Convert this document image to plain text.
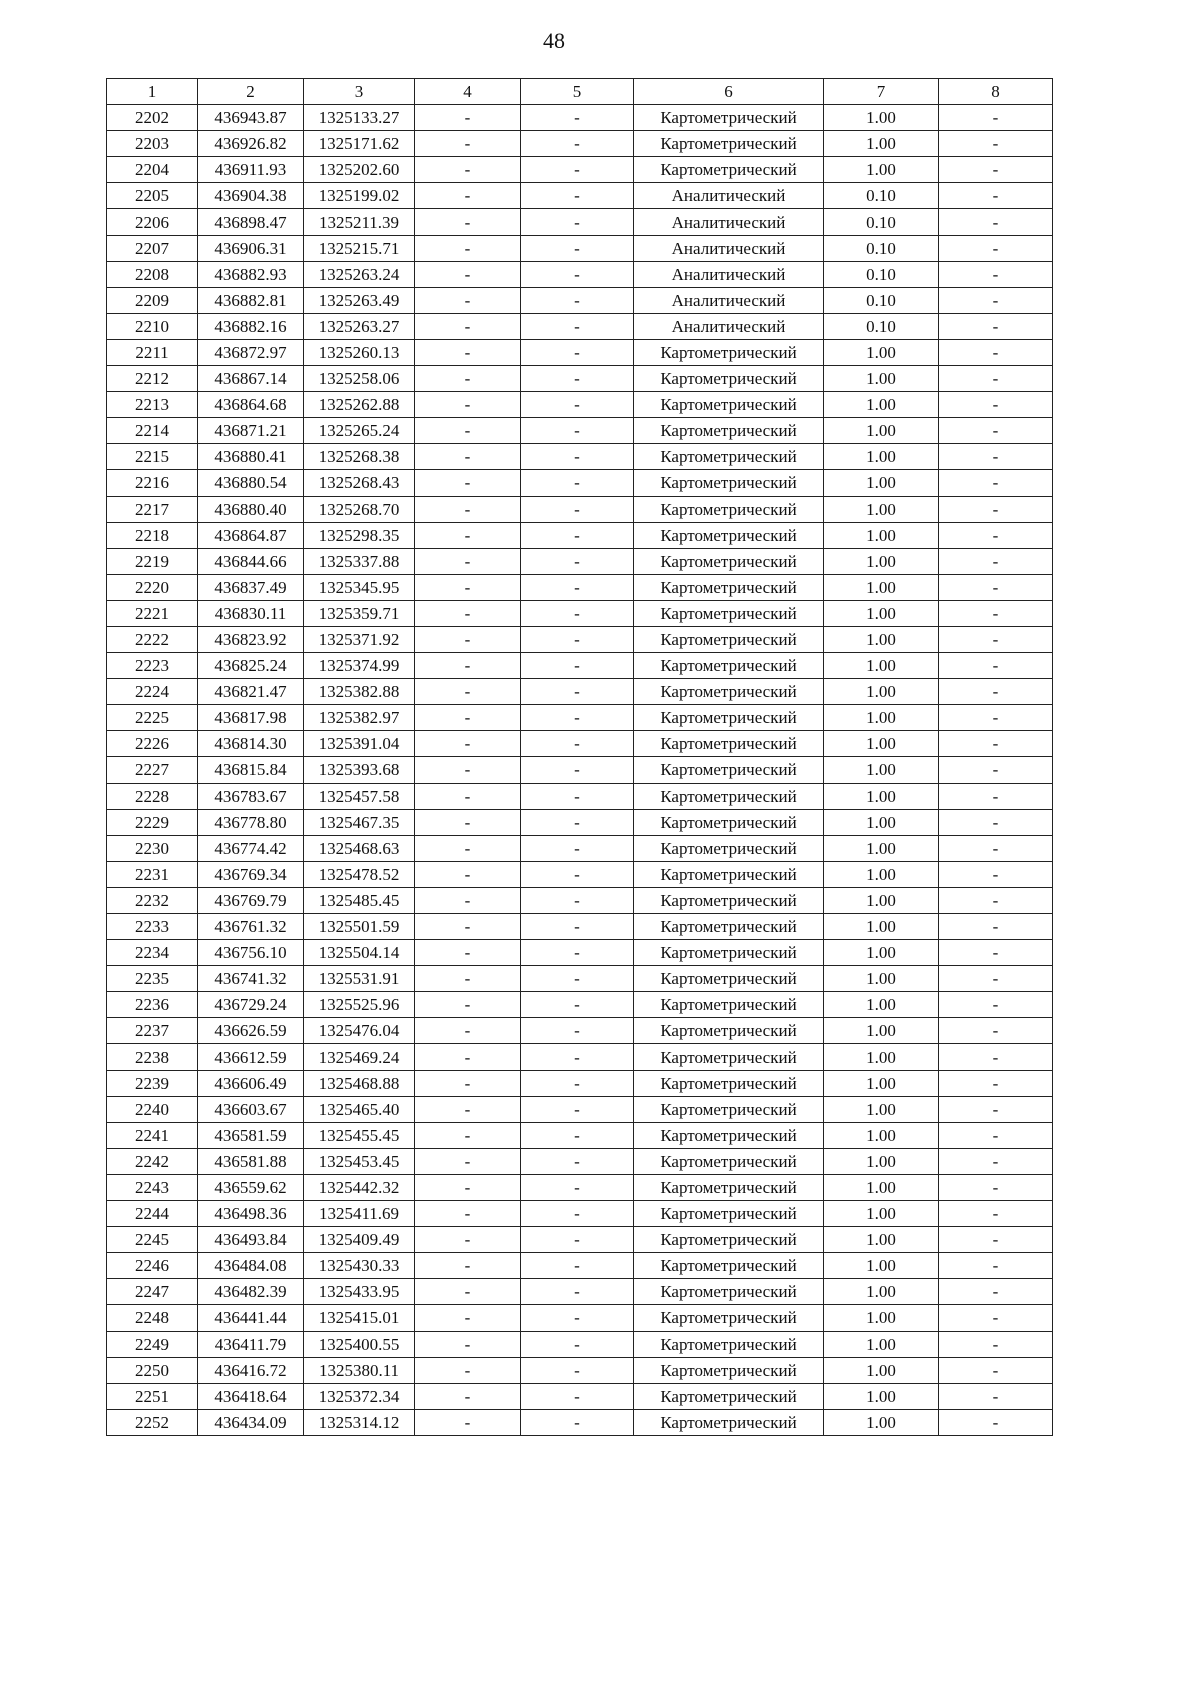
48
1	2	3	4	5	6	7	8
2202	436943.87	1325133.27	-	-	Картометрический	1.00	-
2203	436926.82	1325171.62	-	-	Картометрический	1.00	-
2204	436911.93	1325202.60	-	-	Картометрический	1.00	-
2205	436904.38	1325199.02	-	-	Аналитический	0.10	-
2206	436898.47	1325211.39	-	-	Аналитический	0.10	-
2207	436906.31	1325215.71	-	-	Аналитический	0.10	-
2208	436882.93	1325263.24	-	-	Аналитический	0.10	-
2209	436882.81	1325263.49	-	-	Аналитический	0.10	-
2210	436882.16	1325263.27	-	-	Аналитический	0.10	-
2211	436872.97	1325260.13	-	-	Картометрический	1.00	-
2212	436867.14	1325258.06	-	-	Картометрический	1.00	-
2213	436864.68	1325262.88	-	-	Картометрический	1.00	-
2214	436871.21	1325265.24	-	-	Картометрический	1.00	-
2215	436880.41	1325268.38	-	-	Картометрический	1.00	-
2216	436880.54	1325268.43	-	-	Картометрический	1.00	-
2217	436880.40	1325268.70	-	-	Картометрический	1.00	-
2218	436864.87	1325298.35	-	-	Картометрический	1.00	-
2219	436844.66	1325337.88	-	-	Картометрический	1.00	-
2220	436837.49	1325345.95	-	-	Картометрический	1.00	-
2221	436830.11	1325359.71	-	-	Картометрический	1.00	-
2222	436823.92	1325371.92	-	-	Картометрический	1.00	-
2223	436825.24	1325374.99	-	-	Картометрический	1.00	-
2224	436821.47	1325382.88	-	-	Картометрический	1.00	-
2225	436817.98	1325382.97	-	-	Картометрический	1.00	-
2226	436814.30	1325391.04	-	-	Картометрический	1.00	-
2227	436815.84	1325393.68	-	-	Картометрический	1.00	-
2228	436783.67	1325457.58	-	-	Картометрический	1.00	-
2229	436778.80	1325467.35	-	-	Картометрический	1.00	-
2230	436774.42	1325468.63	-	-	Картометрический	1.00	-
2231	436769.34	1325478.52	-	-	Картометрический	1.00	-
2232	436769.79	1325485.45	-	-	Картометрический	1.00	-
2233	436761.32	1325501.59	-	-	Картометрический	1.00	-
2234	436756.10	1325504.14	-	-	Картометрический	1.00	-
2235	436741.32	1325531.91	-	-	Картометрический	1.00	-
2236	436729.24	1325525.96	-	-	Картометрический	1.00	-
2237	436626.59	1325476.04	-	-	Картометрический	1.00	-
2238	436612.59	1325469.24	-	-	Картометрический	1.00	-
2239	436606.49	1325468.88	-	-	Картометрический	1.00	-
2240	436603.67	1325465.40	-	-	Картометрический	1.00	-
2241	436581.59	1325455.45	-	-	Картометрический	1.00	-
2242	436581.88	1325453.45	-	-	Картометрический	1.00	-
2243	436559.62	1325442.32	-	-	Картометрический	1.00	-
2244	436498.36	1325411.69	-	-	Картометрический	1.00	-
2245	436493.84	1325409.49	-	-	Картометрический	1.00	-
2246	436484.08	1325430.33	-	-	Картометрический	1.00	-
2247	436482.39	1325433.95	-	-	Картометрический	1.00	-
2248	436441.44	1325415.01	-	-	Картометрический	1.00	-
2249	436411.79	1325400.55	-	-	Картометрический	1.00	-
2250	436416.72	1325380.11	-	-	Картометрический	1.00	-
2251	436418.64	1325372.34	-	-	Картометрический	1.00	-
2252	436434.09	1325314.12	-	-	Картометрический	1.00	-
